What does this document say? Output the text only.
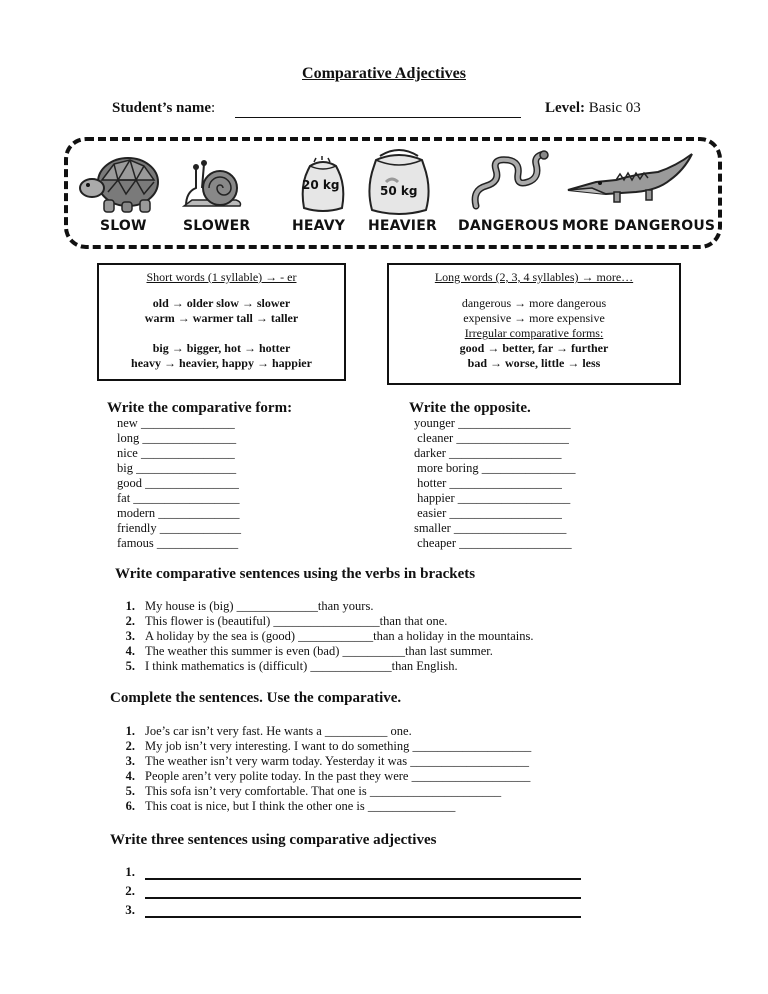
Comparative Adjectives
Student’s name:	Level: Basic 03
20 kg	50 kg
SLOW	SLOWER	HEAVY HEAVIER DANGEROUS MORE DANGEROUS
Short words (1 syllable) → - er
old → older slow → slower
warm → warmer tall → taller
big → bigger, hot → hotter
heavy → heavier, happy → happier
Long words (2, 3, 4 syllables) → more…
dangerous → more dangerous
expensive → more expensive
Irregular comparative forms:
good → better, far → further
bad → worse, little → less
Write the comparative form:
new _______________
long _______________
nice _______________
big ________________
good _______________
fat _________________
modern _____________
friendly _____________
famous _____________
Write the opposite.
younger __________________
cleaner __________________
darker __________________
more boring _______________
hotter __________________
happier __________________
easier __________________
smaller __________________
cheaper __________________
Write comparative sentences using the verbs in brackets
1. My house is (big) _____________than yours.
2. This flower is (beautiful) _________________than that one.
3. A holiday by the sea is (good) ____________than a holiday in the mountains.
4. The weather this summer is even (bad) __________than last summer.
5. I think mathematics is (difficult) _____________than English.
Complete the sentences. Use the comparative.
1. Joe’s car isn’t very fast. He wants a __________ one.
2. My job isn’t very interesting. I want to do something ___________________
3. The weather isn’t very warm today. Yesterday it was ___________________
4. People aren’t very polite today. In the past they were ___________________
5. This sofa isn’t very comfortable. That one is _____________________
6. This coat is nice, but I think the other one is ______________
Write three sentences using comparative adjectives
1.
2.
3.
